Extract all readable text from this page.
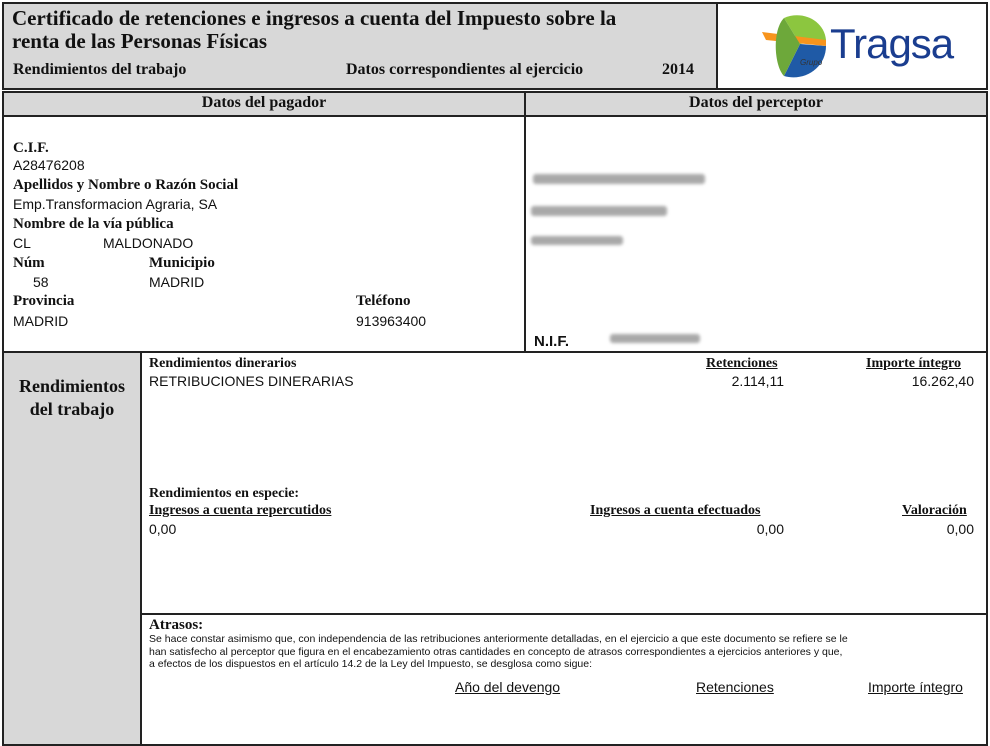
Certificado de retenciones e ingresos a cuenta del Impuesto sobre la
renta de las Personas Físicas
Rendimientos del trabajo	Datos correspondientes al ejercicio	2014
Tragsa
Grupo
Datos del pagador	Datos del perceptor
C.I.F.
A28476208
Apellidos y Nombre o Razón Social
Emp.Transformacion Agraria, SA
Nombre de la vía pública
CL	MALDONADO
Núm	Municipio
58	MADRID
Provincia	Teléfono
MADRID	913963400
N.I.F.
Rendimientos
del trabajo
Rendimientos dinerarios	Retenciones	Importe íntegro
RETRIBUCIONES DINERARIAS	2.114,11	16.262,40
Rendimientos en especie:
Ingresos a cuenta repercutidos	Ingresos a cuenta efectuados	Valoración
0,00	0,00	0,00
Atrasos:
Se hace constar asimismo que, con independencia de las retribuciones anteriormente detalladas, en el ejercicio a que este documento se refiere se le
han satisfecho al perceptor que figura en el encabezamiento otras cantidades en concepto de atrasos correspondientes a ejercicios anteriores y que,
a efectos de los dispuestos en el artículo 14.2 de la Ley del Impuesto, se desglosa como sigue:
Año del devengo	Retenciones	Importe íntegro
